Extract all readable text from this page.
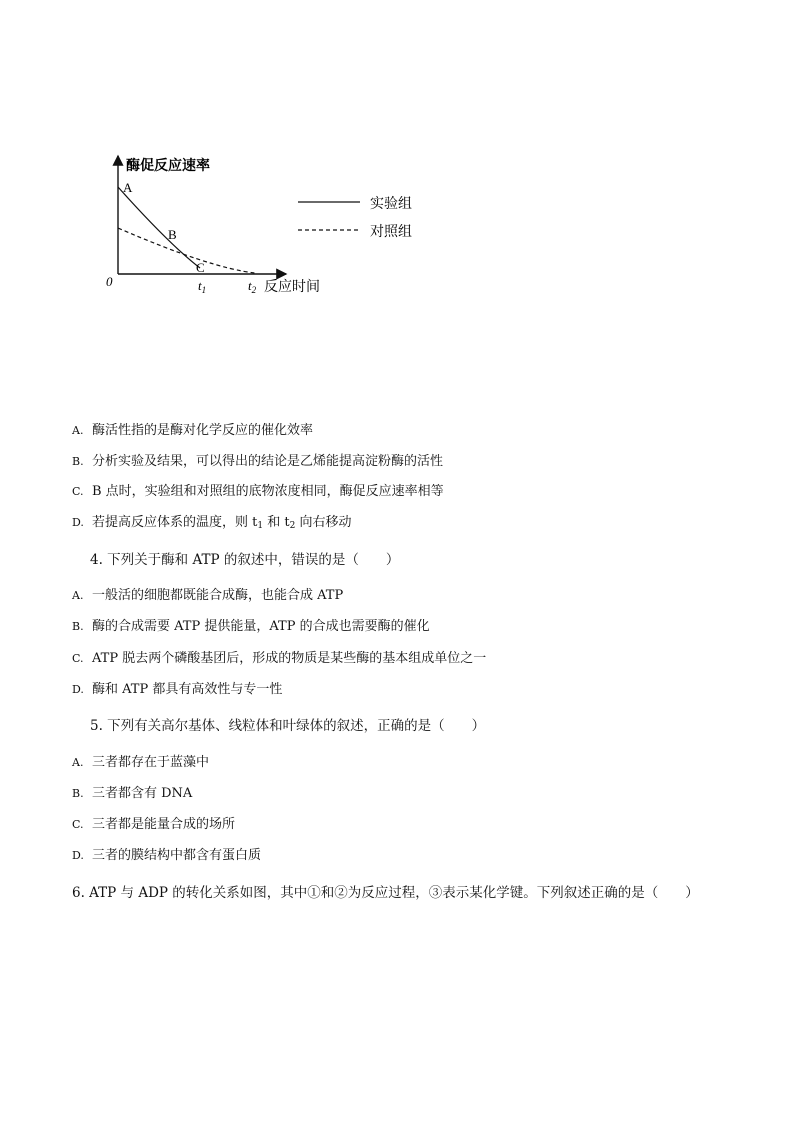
酶促反应速率
A
B
C
0	$t_1$	$t_2$ 反应时间
实验组
对照组
A. 酶活性指的是酶对化学反应的催化效率
B. 分析实验及结果，可以得出的结论是乙烯能提高淀粉酶的活性
C. B 点时，实验组和对照组的底物浓度相同，酶促反应速率相等
D. 若提高反应体系的温度，则 $t_1$ 和 $t_2$ 向右移动
4. 下列关于酶和 ATP 的叙述中，错误的是（　　）
A. 一般活的细胞都既能合成酶，也能合成 ATP
B. 酶的合成需要 ATP 提供能量，ATP 的合成也需要酶的催化
C. ATP 脱去两个磷酸基团后，形成的物质是某些酶的基本组成单位之一
D. 酶和 ATP 都具有高效性与专一性
5. 下列有关高尔基体、线粒体和叶绿体的叙述，正确的是（　　）
A. 三者都存在于蓝藻中
B. 三者都含有 DNA
C. 三者都是能量合成的场所
D. 三者的膜结构中都含有蛋白质
6. ATP 与 ADP 的转化关系如图，其中①和②为反应过程，③表示某化学键。下列叙述正确的是（　　）
